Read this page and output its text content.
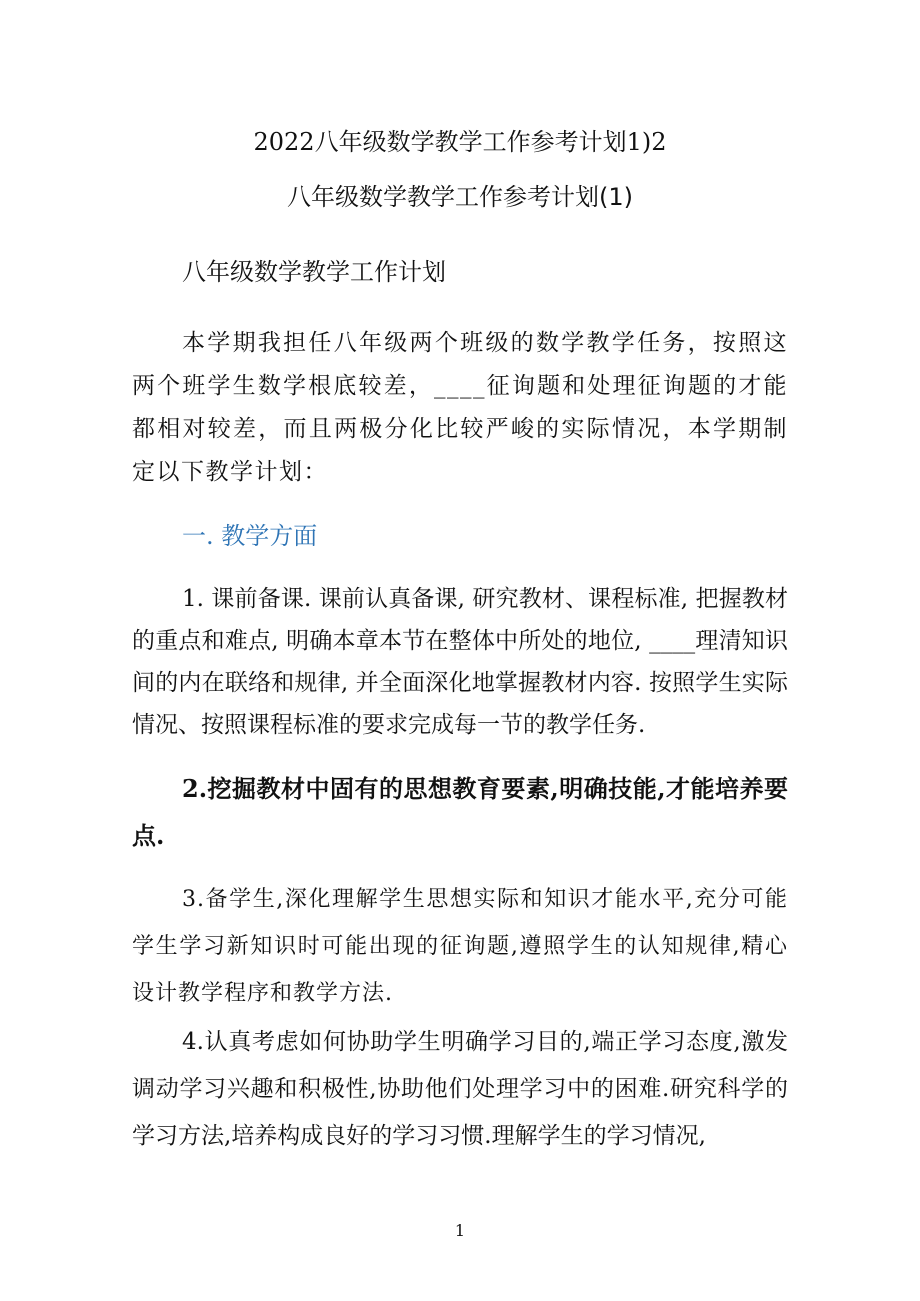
2022八年级数学教学工作参考计划1)2
八年级数学教学工作参考计划(1)
八年级数学教学工作计划

本学期我担任八年级两个班级的数学教学任务，按照这两个班学生数学根底较差，____征询题和处理征询题的才能都相对较差，而且两极分化比较严峻的实际情况，本学期制定以下教学计划：

一. 教学方面

1. 课前备课. 课前认真备课, 研究教材、课程标准, 把握教材的重点和难点, 明确本章本节在整体中所处的地位, ____理清知识间的内在联络和规律, 并全面深化地掌握教材内容. 按照学生实际情况、按照课程标准的要求完成每一节的教学任务.

2.挖掘教材中固有的思想教育要素,明确技能,才能培养要点.

3.备学生,深化理解学生思想实际和知识才能水平,充分可能学生学习新知识时可能出现的征询题,遵照学生的认知规律,精心设计教学程序和教学方法.

4.认真考虑如何协助学生明确学习目的,端正学习态度,激发调动学习兴趣和积极性,协助他们处理学习中的困难.研究科学的学习方法,培养构成良好的学习习惯.理解学生的学习情况,

1
